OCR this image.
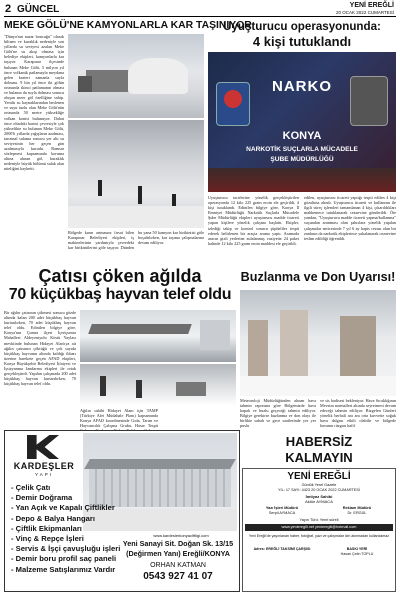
2 GÜNCEL	YENİ EREĞLİ
20 OCAK 2022 CUMARTESİ
MEKE GÖLÜ'NE KAMYONLARLA KAR TAŞINIYOR
"Dünya'nın nazar boncuğu" olarak bilinen ve kuraklık nedeniyle son yıllarda su seviyesi azalan Meke Gölü'ne su akışı olmasa için belediye ekipleri, kamyonlarla kar taşıyor. Karapınar ilçesinde bulunan Meke Gölü, 5 milyon yıl önce volkanik patlamayla meydana gelen krateri zamanla suyla dolması. 9 bin yıl önce iki gölün ortasında ikinci patlamanın olması ve bulanın da suyla dolması sonucu oluşan meer göl özelliğine sahip. Yeraltı su kaynaklarından beslenen ve suyu tuzlu olan Meke Gölü'nün ortasında 50 metre yüksekliğe volkan konisi bulunuyor. Dahai önce oltadaki konisi çevresiyle çok yükselikte su bulunan Meke Gölü, 2000'li yıllarda yağışların azalması, tarımsal sulama sonucu yer altı su seviyesinin her geçen gün azalmasıyla kurudu. Ramsar sözleşmesi kapsamında koruma altına alınan göl, kuraklık nedeniyle büyük bölümü sulak alan niteliğini kaybetti.
Bölgede karın artmasını fırsat bilen Karapınar Belediyesi ekipleri, iş makinelerinin yardımıyla çevredeki kar birikintilerini göle taşıyor. Dünden bu yana 50 kamyon kar birikintisi göle boşaltılırken, kar taşıma çalışmalarına devam ediliyor.
Uyuşturucu operasyonunda:
4 kişi tutuklandı
NARKO
KONYA
NARKOTİK SUÇLARLA MÜCADELE
ŞUBE MÜDÜRLÜĞÜ
Uyuşturucu tacirlerine yönelik gerçekleştirilen operasyonda 12 kilo 225 gram eroin ele geçirildi, 4 kişi tutuklandı. Edinilen bilgiye göre, Konya İl Emniyet Müdürlüğü Narkotik Suçlarla Mücadele Şube Müdürlüğü ekipleri uyuşturucu madde ticareti yapan kişilere yönelik çalışma başlattı. Ekipler, izlediği takip ve kontrol sonucu şüpheliler tespit ederek belirlenen bir araçta arama yaptı. Aramada aracın gizli yerlerine zulalanmış vaziyette 24 paket halinde 12 kilo 225 gram eroin maddesi ele geçirildi.
edilen, uyuşturucu ticareti yaptığı tespit edilen 4 kişi gözaltına alındı. Uyuşturucu ticareti ve kullanımı ile ilgili süreç işlemleri tamamlanan 4 kişi, çıkarıldıkları mahkemece tutuklanarak cezaevine gönderildi. Öte yandan, "Uyuşturucu madde ticareti yapma/kullanma" suçundan aranması olan şahıslara yönelik yapılan çalışmalar neticesinde 7 yıl 6 ay hapis cezası olan bir zanlının da narkotik ekiplerince yakalanarak cezaevine teslim edildiği öğrenildi.
Çatısı çöken ağılda
70 küçükbaş hayvan telef oldu
Bir ağılın çatısının çökmesi sonucu gözde altında kalan 200 adet küçükbaş hayvan kurtarılırken, 70 adet küçükbaş hayvan telef oldu. Edinilen bilgiye göre, Konya'nın Çumra ilçesi İçeriçumra Mahallesi Aldeyeniyolu Köstü Yaylası mevkiinde bulunan Hidayet Alan'ıya ait ağılın çatısının çöktüğü ve çok sayıda küçükbaş hayvanın altında kaldığı ihbarı üzerine harekete geçen AFAD ekipleri, Konya Büyükşehir Belediyesi İtfaiyesi ve İşsizyanma Jandarma ekipleri ile ortak gerçekleştirdi. Yapılan çalışmada 200 adet küçükbaş hayvan kurtarılırken, 70 küçükbaş hayvan telef oldu.
Ağılın sahibi Hidayet Alanı için TAMP (Türkiye Afet Müdahale Planı) kapsamında Konya AFAD koordinesinde Gıda, Tarım ve Hayvancılık Çalışma Grubu, Hasar Tespit
Buzlanma ve Don Uyarısı!
Meteoroloji Müdürlüğünden alınan hava tahmin raporuna göre Bölgemizde hava kapalı ve buzlu geçeceği tahmin ediliyor. Bilgiye gerekirse buzlanma ve don olayı ile birlikte sabah ve gece saatlerinde yer yer puslu
ve sis hadisesi bekleniyor. Hava Sıcaklığının Mevsim normalleri altında seyretmesi devam edeceği tahmin ediliyor. Bizgelen Günleri yönelik herhalt ara ara orta kuvvette soğuk hava dalgası etkili olabilir ve bölgede havanın rüzgarı hafif
KARDEŞLER
YAPI
- Çelik Çatı
- Demir Doğrama
- Yan Açık ve Kapalı Çiftlikler
- Depo & Balya Hangarı
- Çiftlik Ekipmanları
- Vinç & Repçe İşleri
- Servis & İşçi çavuşluğu işleri
- Demir boru profil saç paneli
- Malzeme Satışlarımız Vardır
www.kardeslerkonyaciftligi.com
Yeni Sanayi Sit. Doğan Sk. 13/15
(Değirmen Yanı) Ereğli/KONYA
ORHAN KATMAN
0543 927 41 07
HABERSİZ
KALMAYIN
YENİ EREĞLİ
Günlük Yerel Gazete
YIL: 17 SAYI: 4423 20 OCAK 2022 CUMARTESİ
İmtiyaz Sahibi
Aktüe AYMACA
Yazı İşleri Müdürü
Serpil AYMACA
Reklam Müdürü
Dr. ERGÜL
Yayın Türü: Yerel süreli
www.yeniereglii.net yeniereglii@hotmail.com
Yeni Ereğli'de yayınlanan haber, fotoğraf, yazı ve çalışmalar izin alınmadan kullanılamaz
Adres: EREĞLİ TAKSİMİ ÇARŞISI	BASKI YERİ
Hasan Çetin TOPLU
